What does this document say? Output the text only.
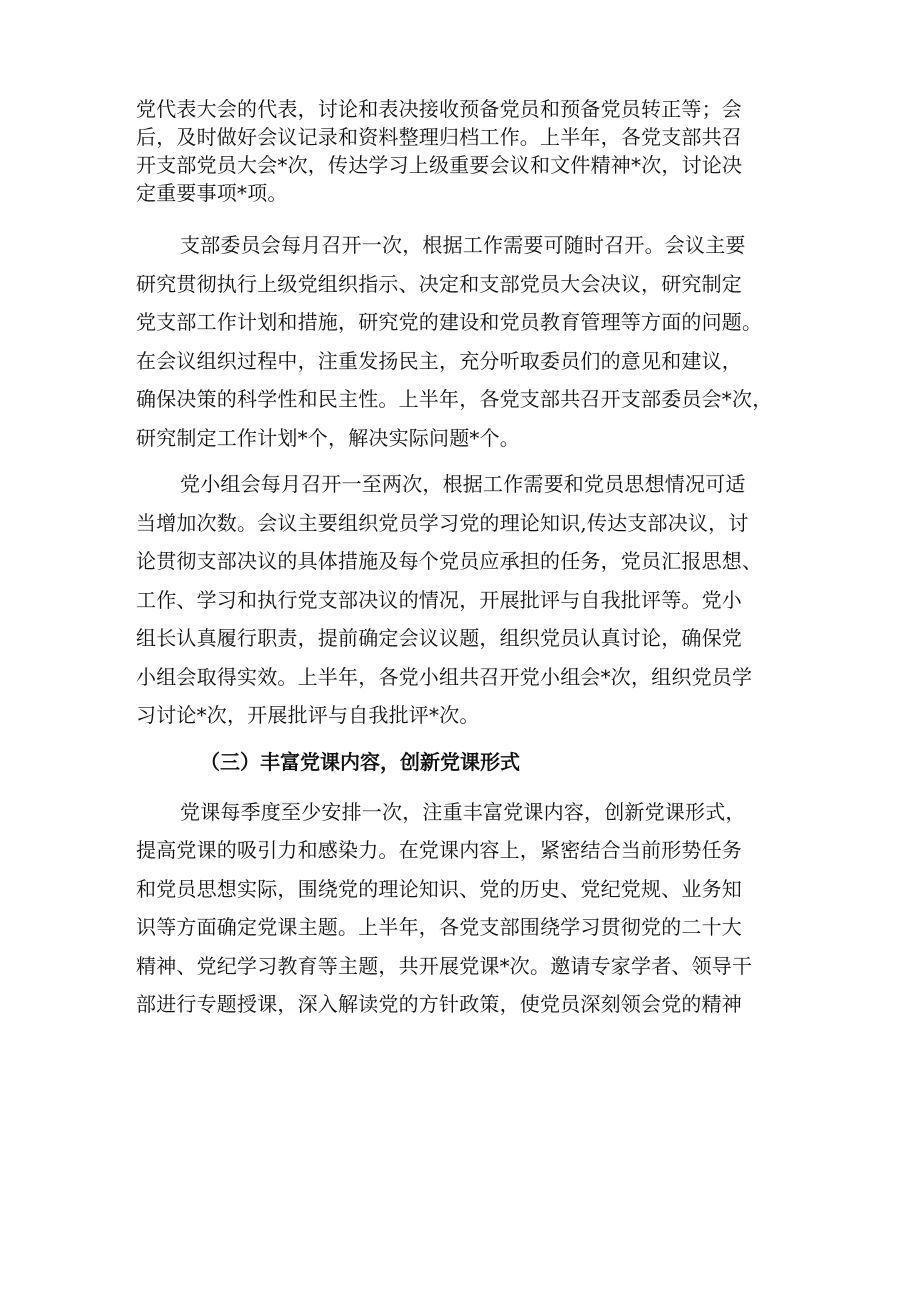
党代表大会的代表，讨论和表决接收预备党员和预备党员转正等；会
后，及时做好会议记录和资料整理归档工作。上半年，各党支部共召
开支部党员大会*次，传达学习上级重要会议和文件精神*次，讨论决
定重要事项*项。

支部委员会每月召开一次，根据工作需要可随时召开。会议主要
研究贯彻执行上级党组织指示、决定和支部党员大会决议，研究制定
党支部工作计划和措施，研究党的建设和党员教育管理等方面的问题。
在会议组织过程中，注重发扬民主，充分听取委员们的意见和建议，
确保决策的科学性和民主性。上半年，各党支部共召开支部委员会*次，
研究制定工作计划*个，解决实际问题*个。

党小组会每月召开一至两次，根据工作需要和党员思想情况可适
当增加次数。会议主要组织党员学习党的理论知识,传达支部决议，讨
论贯彻支部决议的具体措施及每个党员应承担的任务，党员汇报思想、
工作、学习和执行党支部决议的情况，开展批评与自我批评等。党小
组长认真履行职责，提前确定会议议题，组织党员认真讨论，确保党
小组会取得实效。上半年，各党小组共召开党小组会*次，组织党员学
习讨论*次，开展批评与自我批评*次。

（三）丰富党课内容，创新党课形式

党课每季度至少安排一次，注重丰富党课内容，创新党课形式，
提高党课的吸引力和感染力。在党课内容上，紧密结合当前形势任务
和党员思想实际，围绕党的理论知识、党的历史、党纪党规、业务知
识等方面确定党课主题。上半年，各党支部围绕学习贯彻党的二十大
精神、党纪学习教育等主题，共开展党课*次。邀请专家学者、领导干
部进行专题授课，深入解读党的方针政策，使党员深刻领会党的精神
